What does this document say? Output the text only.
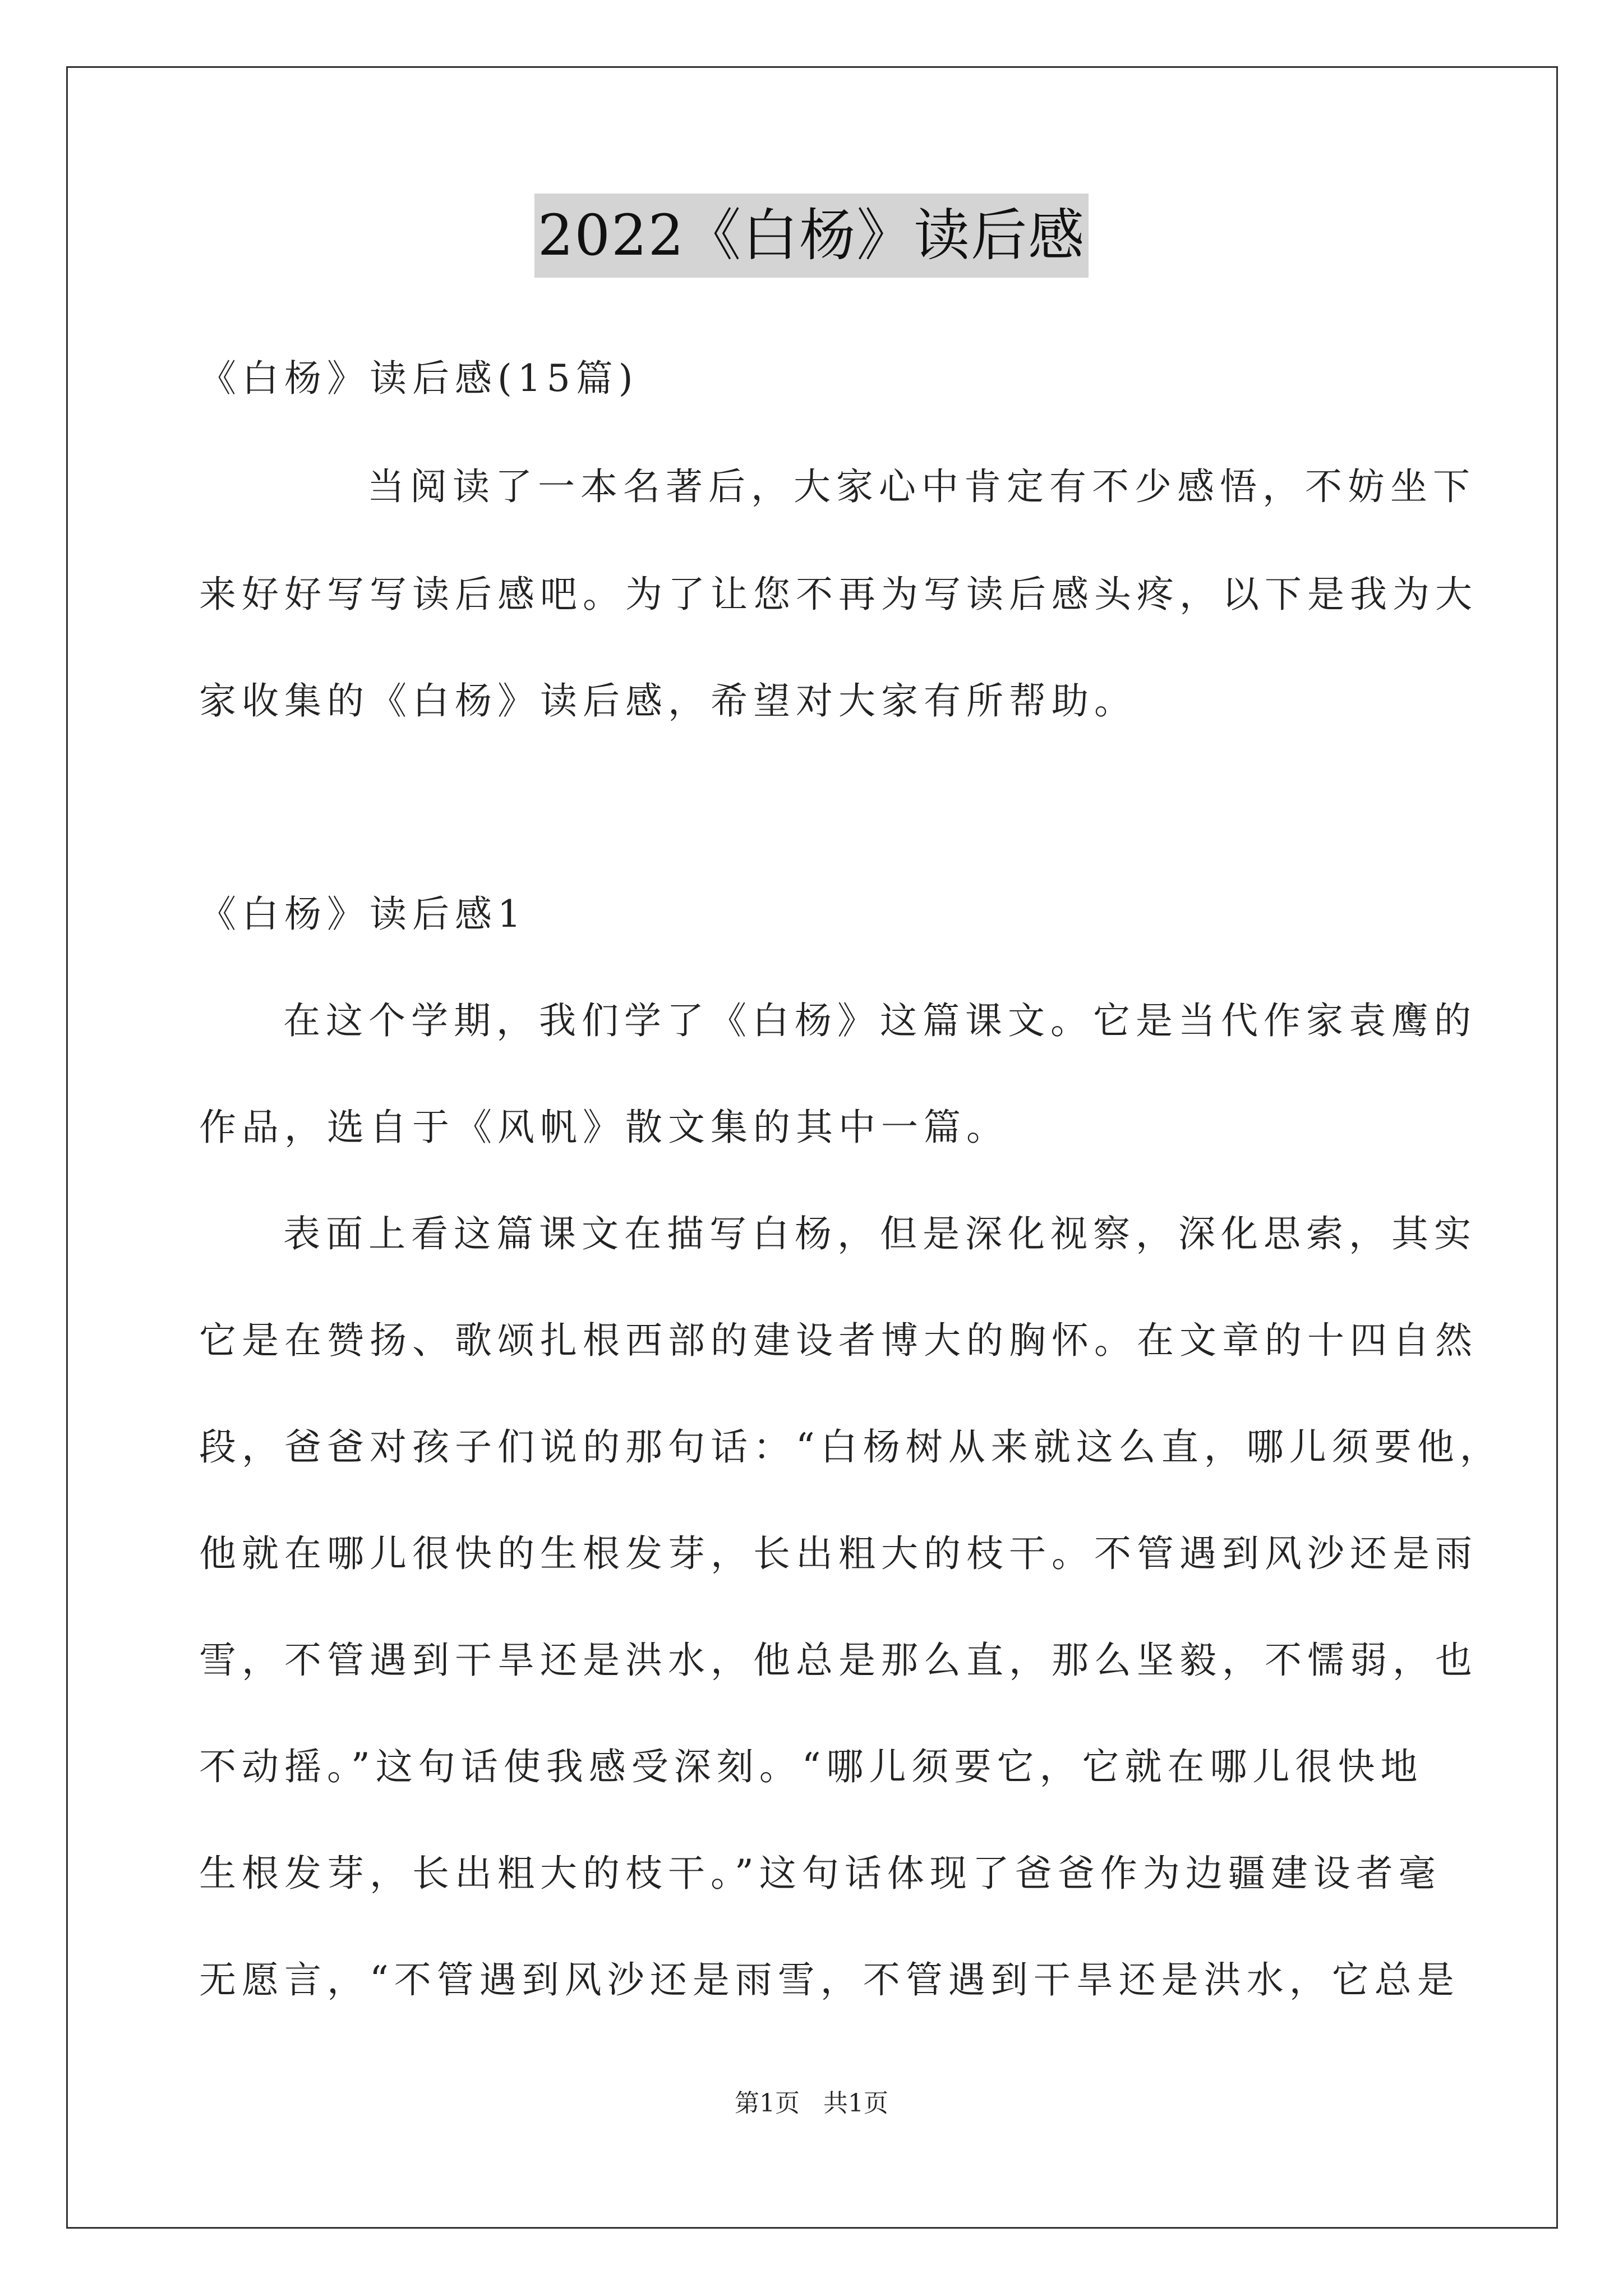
2022《白杨》读后感
《白杨》读后感(15篇)
当阅读了一本名著后，大家心中肯定有不少感悟，不妨坐下
来好好写写读后感吧。为了让您不再为写读后感头疼，以下是我为大
家收集的《白杨》读后感，希望对大家有所帮助。
《白杨》读后感1
在这个学期，我们学了《白杨》这篇课文。它是当代作家袁鹰的
作品，选自于《风帆》散文集的其中一篇。
表面上看这篇课文在描写白杨，但是深化视察，深化思索，其实
它是在赞扬、歌颂扎根西部的建设者博大的胸怀。在文章的十四自然
段，爸爸对孩子们说的那句话：“白杨树从来就这么直，哪儿须要他，
他就在哪儿很快的生根发芽，长出粗大的枝干。不管遇到风沙还是雨
雪，不管遇到干旱还是洪水，他总是那么直，那么坚毅，不懦弱，也
不动摇。”这句话使我感受深刻。“哪儿须要它，它就在哪儿很快地
生根发芽，长出粗大的枝干。”这句话体现了爸爸作为边疆建设者毫
无愿言，“不管遇到风沙还是雨雪，不管遇到干旱还是洪水，它总是
第1页 共1页
